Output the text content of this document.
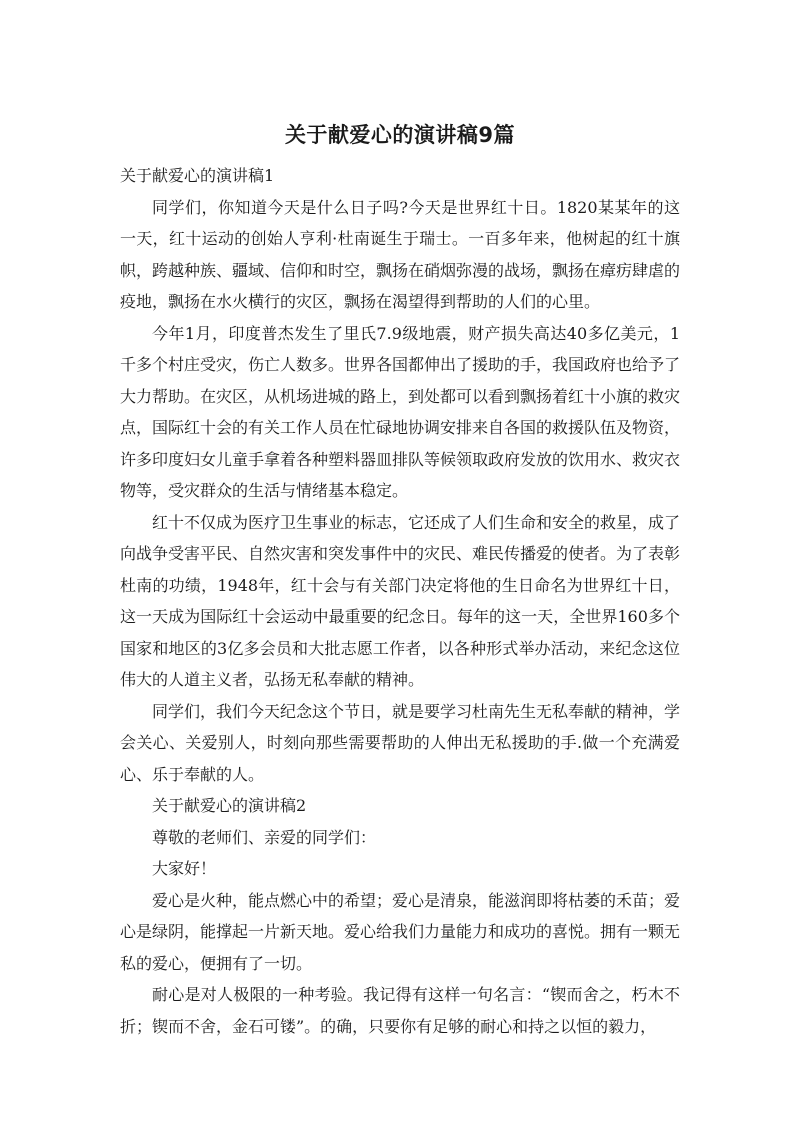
关于献爱心的演讲稿9篇

关于献爱心的演讲稿1

同学们，你知道今天是什么日子吗?今天是世界红十日。1820某某年的这一天，红十运动的创始人亨利·杜南诞生于瑞士。一百多年来，他树起的红十旗帜，跨越种族、疆域、信仰和时空，飘扬在硝烟弥漫的战场，飘扬在瘴疠肆虐的疫地，飘扬在水火横行的灾区，飘扬在渴望得到帮助的人们的心里。

今年1月，印度普杰发生了里氏7.9级地震，财产损失高达40多亿美元，1千多个村庄受灾，伤亡人数多。世界各国都伸出了援助的手，我国政府也给予了大力帮助。在灾区，从机场进城的路上，到处都可以看到飘扬着红十小旗的救灾点，国际红十会的有关工作人员在忙碌地协调安排来自各国的救援队伍及物资，许多印度妇女儿童手拿着各种塑料器皿排队等候领取政府发放的饮用水、救灾衣物等，受灾群众的生活与情绪基本稳定。

红十不仅成为医疗卫生事业的标志，它还成了人们生命和安全的救星，成了向战争受害平民、自然灾害和突发事件中的灾民、难民传播爱的使者。为了表彰杜南的功绩，1948年，红十会与有关部门决定将他的生日命名为世界红十日，这一天成为国际红十会运动中最重要的纪念日。每年的这一天，全世界160多个国家和地区的3亿多会员和大批志愿工作者，以各种形式举办活动，来纪念这位伟大的人道主义者，弘扬无私奉献的精神。

同学们，我们今天纪念这个节日，就是要学习杜南先生无私奉献的精神，学会关心、关爱别人，时刻向那些需要帮助的人伸出无私援助的手.做一个充满爱心、乐于奉献的人。

关于献爱心的演讲稿2

尊敬的老师们、亲爱的同学们：

大家好！

爱心是火种，能点燃心中的希望；爱心是清泉，能滋润即将枯萎的禾苗；爱心是绿阴，能撑起一片新天地。爱心给我们力量能力和成功的喜悦。拥有一颗无私的爱心，便拥有了一切。

耐心是对人极限的一种考验。我记得有这样一句名言：“锲而舍之，朽木不折；锲而不舍，金石可镂”。的确，只要你有足够的耐心和持之以恒的毅力，
